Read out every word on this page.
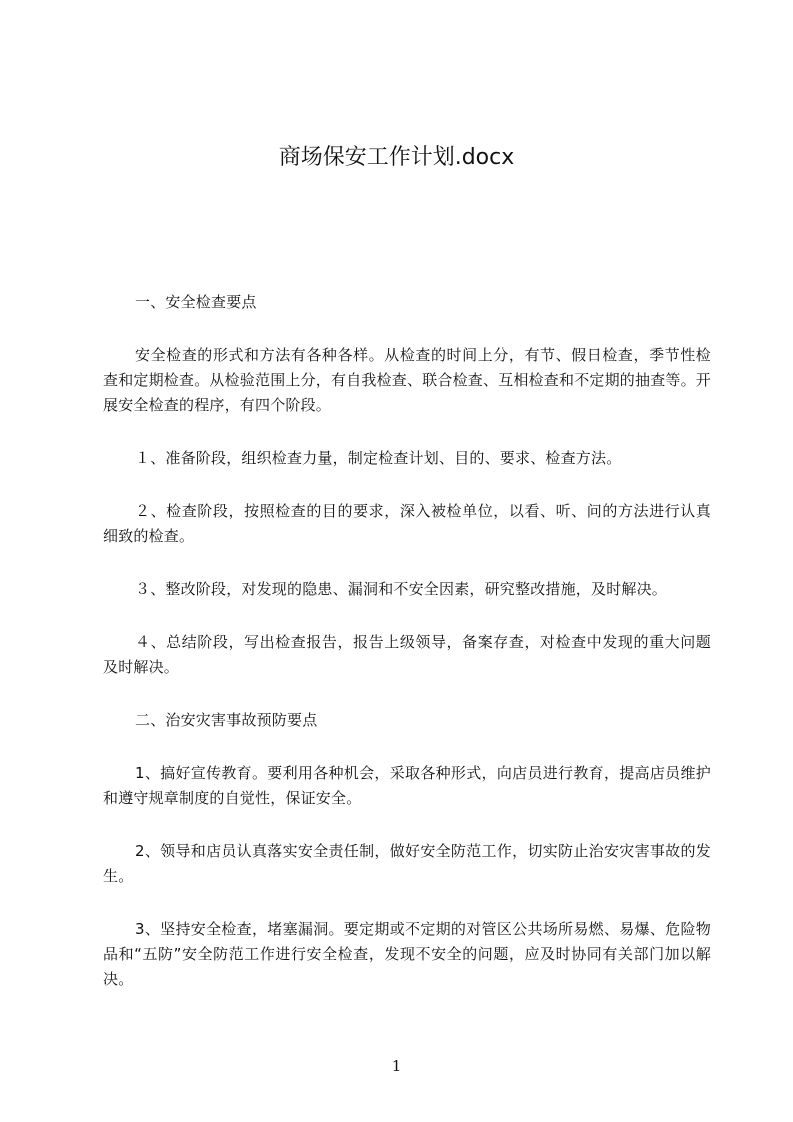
商场保安工作计划.docx

一、安全检查要点

安全检查的形式和方法有各种各样。从检查的时间上分，有节、假日检查，季节性检查和定期检查。从检验范围上分，有自我检查、联合检查、互相检查和不定期的抽查等。开展安全检查的程序，有四个阶段。

１、准备阶段，组织检查力量，制定检查计划、目的、要求、检查方法。

２、检查阶段，按照检查的目的要求，深入被检单位，以看、听、问的方法进行认真细致的检查。

３、整改阶段，对发现的隐患、漏洞和不安全因素，研究整改措施，及时解决。

４、总结阶段，写出检查报告，报告上级领导，备案存查，对检查中发现的重大问题及时解决。

二、治安灾害事故预防要点

1、搞好宣传教育。要利用各种机会，采取各种形式，向店员进行教育，提高店员维护和遵守规章制度的自觉性，保证安全。

2、领导和店员认真落实安全责任制，做好安全防范工作，切实防止治安灾害事故的发生。

3、坚持安全检查，堵塞漏洞。要定期或不定期的对管区公共场所易燃、易爆、危险物品和“五防”安全防范工作进行安全检查，发现不安全的问题，应及时协同有关部门加以解决。

1
